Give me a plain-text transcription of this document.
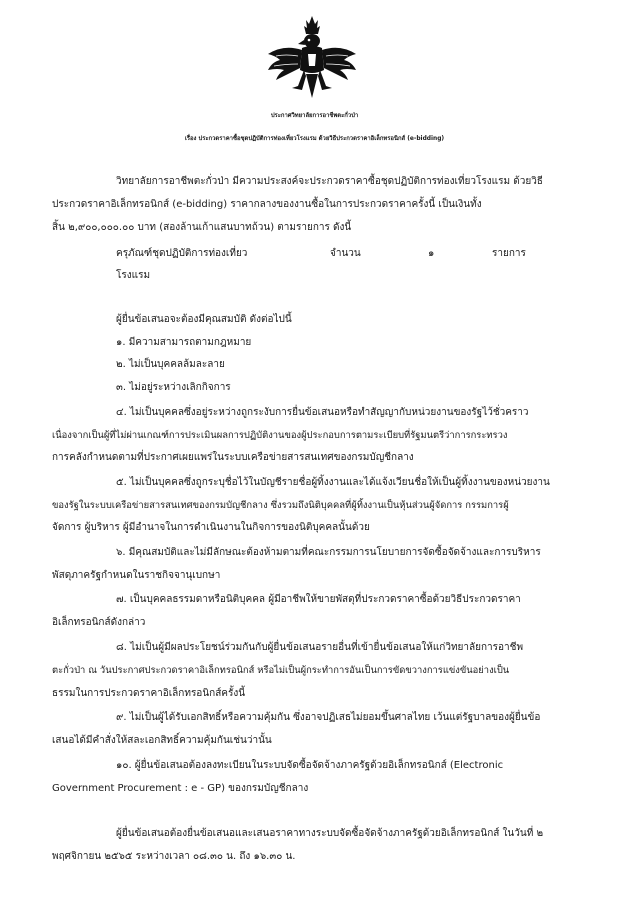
ประกาศวิทยาลัยการอาชีพตะกั่วป่า
เรื่อง ประกวดราคาซื้อชุดปฏิบัติการท่องเที่ยวโรงแรม ด้วยวิธีประกวดราคาอิเล็กทรอนิกส์ (e-bidding)
วิทยาลัยการอาชีพตะกั่วป่า มีความประสงค์จะประกวดราคาซื้อชุดปฏิบัติการท่องเที่ยวโรงแรม ด้วยวิธี
ประกวดราคาอิเล็กทรอนิกส์ (e-bidding) ราคากลางของงานซื้อในการประกวดราคาครั้งนี้ เป็นเงินทั้ง
สิ้น ๒,๙๐๐,๐๐๐.๐๐ บาท (สองล้านเก้าแสนบาทถ้วน) ตามรายการ ดังนี้
ครุภัณฑ์ชุดปฏิบัติการท่องเที่ยว	จำนวน	๑	รายการ
โรงแรม
ผู้ยื่นข้อเสนอจะต้องมีคุณสมบัติ ดังต่อไปนี้
๑. มีความสามารถตามกฎหมาย
๒. ไม่เป็นบุคคลล้มละลาย
๓. ไม่อยู่ระหว่างเลิกกิจการ
๔. ไม่เป็นบุคคลซึ่งอยู่ระหว่างถูกระงับการยื่นข้อเสนอหรือทำสัญญากับหน่วยงานของรัฐไว้ชั่วคราว
เนื่องจากเป็นผู้ที่ไม่ผ่านเกณฑ์การประเมินผลการปฏิบัติงานของผู้ประกอบการตามระเบียบที่รัฐมนตรีว่าการกระทรวง
การคลังกำหนดตามที่ประกาศเผยแพร่ในระบบเครือข่ายสารสนเทศของกรมบัญชีกลาง
๕. ไม่เป็นบุคคลซึ่งถูกระบุชื่อไว้ในบัญชีรายชื่อผู้ทิ้งงานและได้แจ้งเวียนชื่อให้เป็นผู้ทิ้งงานของหน่วยงาน
ของรัฐในระบบเครือข่ายสารสนเทศของกรมบัญชีกลาง ซึ่งรวมถึงนิติบุคคลที่ผู้ทิ้งงานเป็นหุ้นส่วนผู้จัดการ กรรมการผู้
จัดการ ผู้บริหาร ผู้มีอำนาจในการดำเนินงานในกิจการของนิติบุคคลนั้นด้วย
๖. มีคุณสมบัติและไม่มีลักษณะต้องห้ามตามที่คณะกรรมการนโยบายการจัดซื้อจัดจ้างและการบริหาร
พัสดุภาครัฐกำหนดในราชกิจจานุเบกษา
๗. เป็นบุคคลธรรมดาหรือนิติบุคคล ผู้มีอาชีพให้ขายพัสดุที่ประกวดราคาซื้อด้วยวิธีประกวดราคา
อิเล็กทรอนิกส์ดังกล่าว
๘. ไม่เป็นผู้มีผลประโยชน์ร่วมกันกับผู้ยื่นข้อเสนอรายอื่นที่เข้ายื่นข้อเสนอให้แก่วิทยาลัยการอาชีพ
ตะกั่วป่า ณ วันประกาศประกวดราคาอิเล็กทรอนิกส์ หรือไม่เป็นผู้กระทำการอันเป็นการขัดขวางการแข่งขันอย่างเป็น
ธรรมในการประกวดราคาอิเล็กทรอนิกส์ครั้งนี้
๙. ไม่เป็นผู้ได้รับเอกสิทธิ์หรือความคุ้มกัน ซึ่งอาจปฏิเสธไม่ยอมขึ้นศาลไทย เว้นแต่รัฐบาลของผู้ยื่นข้อ
เสนอได้มีคำสั่งให้สละเอกสิทธิ์ความคุ้มกันเช่นว่านั้น
๑๐. ผู้ยื่นข้อเสนอต้องลงทะเบียนในระบบจัดซื้อจัดจ้างภาครัฐด้วยอิเล็กทรอนิกส์ (Electronic
Government Procurement : e - GP) ของกรมบัญชีกลาง
ผู้ยื่นข้อเสนอต้องยื่นข้อเสนอและเสนอราคาทางระบบจัดซื้อจัดจ้างภาครัฐด้วยอิเล็กทรอนิกส์ ในวันที่ ๒
พฤศจิกายน ๒๕๖๕ ระหว่างเวลา ๐๘.๓๐ น. ถึง ๑๖.๓๐ น.
